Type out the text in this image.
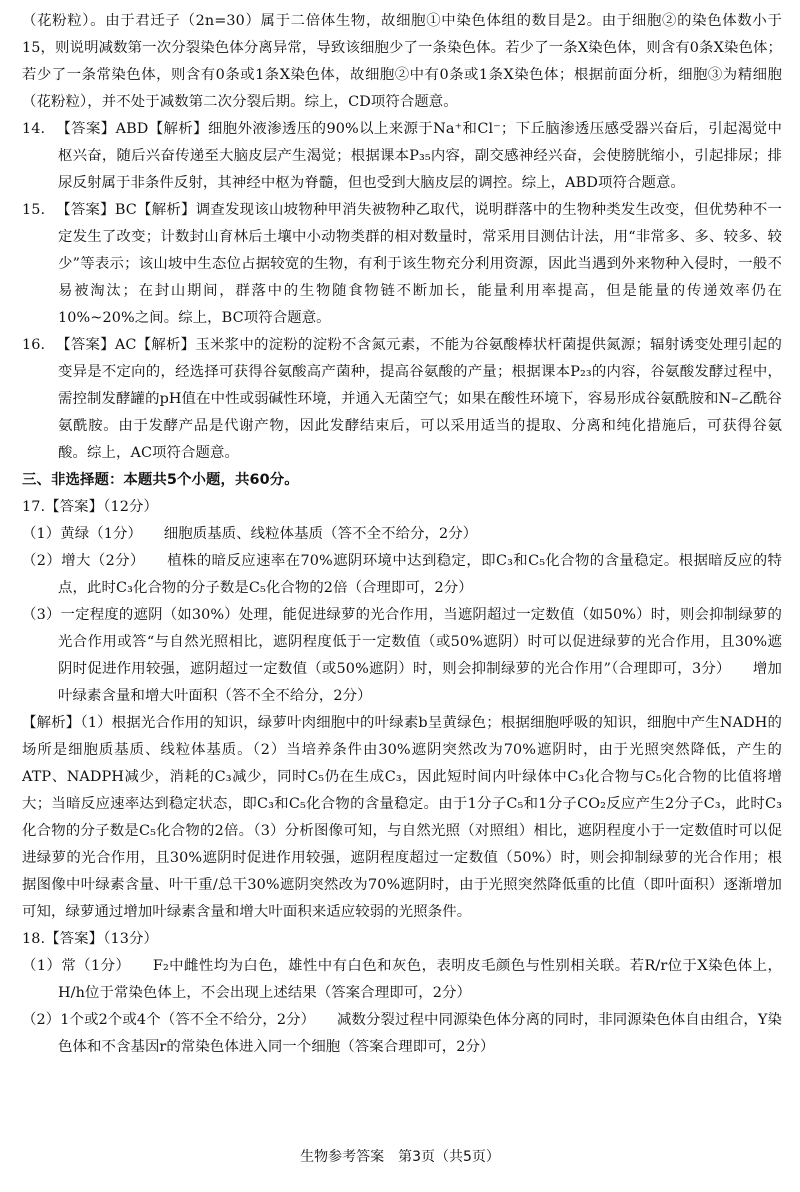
（花粉粒）。由于君迁子（2n=30）属于二倍体生物，故细胞①中染色体组的数目是2。由于细胞②的染色体数小于15，则说明减数第一次分裂染色体分离异常，导致该细胞少了一条染色体。若少了一条X染色体，则含有0条X染色体；若少了一条常染色体，则含有0条或1条X染色体，故细胞②中有0条或1条X染色体；根据前面分析，细胞③为精细胞（花粉粒），并不处于减数第二次分裂后期。综上，CD项符合题意。

14. 【答案】ABD【解析】细胞外液渗透压的90%以上来源于Na⁺和Cl⁻；下丘脑渗透压感受器兴奋后，引起渴觉中枢兴奋，随后兴奋传递至大脑皮层产生渴觉；根据课本P₃₅内容，副交感神经兴奋，会使膀胱缩小，引起排尿；排尿反射属于非条件反射，其神经中枢为脊髓，但也受到大脑皮层的调控。综上，ABD项符合题意。

15. 【答案】BC【解析】调查发现该山坡物种甲消失被物种乙取代，说明群落中的生物种类发生改变，但优势种不一定发生了改变；计数封山育林后土壤中小动物类群的相对数量时，常采用目测估计法，用“非常多、多、较多、较少”等表示；该山坡中生态位占据较宽的生物，有利于该生物充分利用资源，因此当遇到外来物种入侵时，一般不易被淘汰；在封山期间，群落中的生物随食物链不断加长，能量利用率提高，但是能量的传递效率仍在10%~20%之间。综上，BC项符合题意。

16. 【答案】AC【解析】玉米浆中的淀粉的淀粉不含氮元素，不能为谷氨酸棒状杆菌提供氮源；辐射诱变处理引起的变异是不定向的，经选择可获得谷氨酸高产菌种，提高谷氨酸的产量；根据课本P₂₃的内容，谷氨酸发酵过程中，需控制发酵罐的pH值在中性或弱碱性环境，并通入无菌空气；如果在酸性环境下，容易形成谷氨酰胺和N–乙酰谷氨酰胺。由于发酵产品是代谢产物，因此发酵结束后，可以采用适当的提取、分离和纯化措施后，可获得谷氨酸。综上，AC项符合题意。

三、非选择题：本题共5个小题，共60分。

17.【答案】（12分）

（1）黄绿（1分）　　细胞质基质、线粒体基质（答不全不给分，2分）

（2）增大（2分）　　植株的暗反应速率在70%遮阴环境中达到稳定，即C₃和C₅化合物的含量稳定。根据暗反应的特点，此时C₃化合物的分子数是C₅化合物的2倍（合理即可，2分）

（3）一定程度的遮阴（如30%）处理，能促进绿萝的光合作用，当遮阴超过一定数值（如50%）时，则会抑制绿萝的光合作用或答“与自然光照相比，遮阴程度低于一定数值（或50%遮阴）时可以促进绿萝的光合作用，且30%遮阴时促进作用较强，遮阴超过一定数值（或50%遮阴）时，则会抑制绿萝的光合作用”（合理即可，3分）　　增加叶绿素含量和增大叶面积（答不全不给分，2分）

【解析】（1）根据光合作用的知识，绿萝叶肉细胞中的叶绿素b呈黄绿色；根据细胞呼吸的知识，细胞中产生NADH的场所是细胞质基质、线粒体基质。（2）当培养条件由30%遮阴突然改为70%遮阴时，由于光照突然降低，产生的ATP、NADPH减少，消耗的C₃减少，同时C₅仍在生成C₃，因此短时间内叶绿体中C₃化合物与C₅化合物的比值将增大；当暗反应速率达到稳定状态，即C₃和C₅化合物的含量稳定。由于1分子C₅和1分子CO₂反应产生2分子C₃，此时C₃化合物的分子数是C₅化合物的2倍。（3）分析图像可知，与自然光照（对照组）相比，遮阴程度小于一定数值时可以促进绿萝的光合作用，且30%遮阴时促进作用较强，遮阴程度超过一定数值（50%）时，则会抑制绿萝的光合作用；根据图像中叶绿素含量、叶干重/总干30%遮阴突然改为70%遮阴时，由于光照突然降低重的比值（即叶面积）逐渐增加可知，绿萝通过增加叶绿素含量和增大叶面积来适应较弱的光照条件。

18.【答案】（13分）

（1）常（1分）　　F₂中雌性均为白色，雄性中有白色和灰色，表明皮毛颜色与性别相关联。若R/r位于X染色体上，H/h位于常染色体上，不会出现上述结果（答案合理即可，2分）

（2）1个或2个或4个（答不全不给分，2分）　　减数分裂过程中同源染色体分离的同时，非同源染色体自由组合，Y染色体和不含基因r的常染色体进入同一个细胞（答案合理即可，2分）

生物参考答案　第3页（共5页）
